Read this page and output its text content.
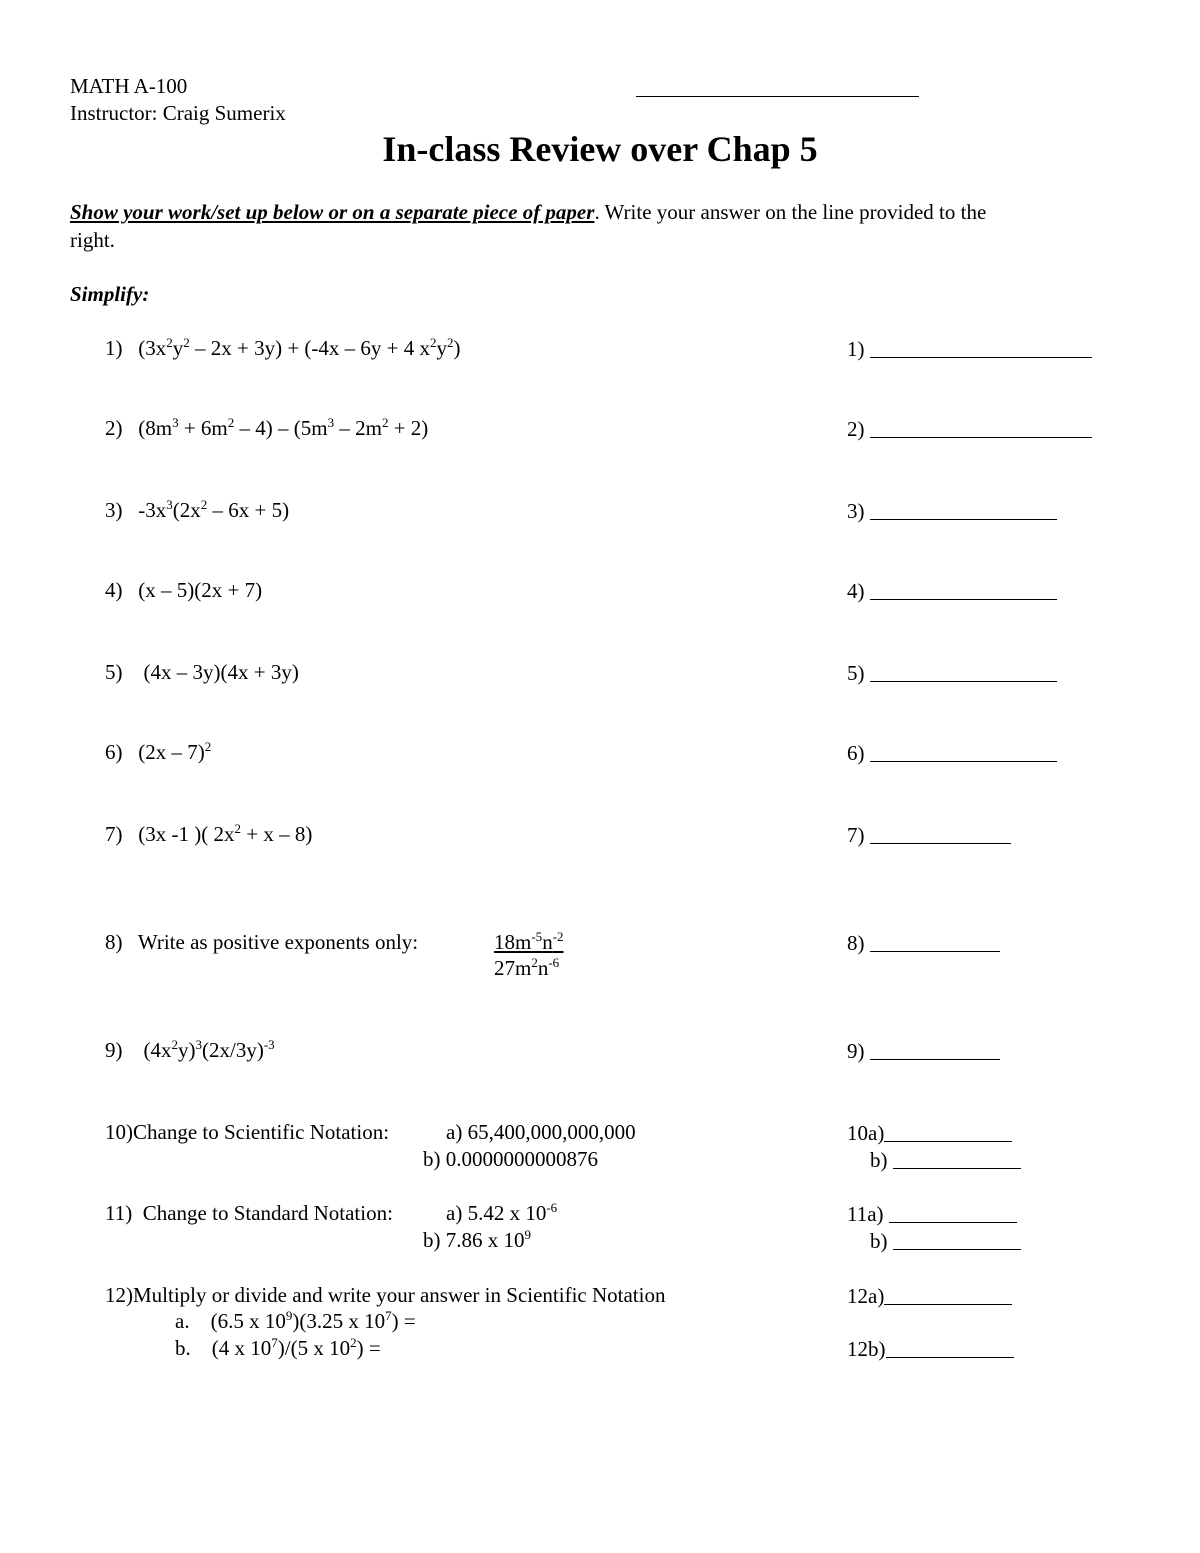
MATH A-100
Instructor: Craig Sumerix
In-class Review over Chap 5
Show your work/set up below or on a separate piece of paper. Write your answer on the line provided to the
right.
Simplify:
1) $(3x^2y^2 - 2x + 3y) + (-4x - 6y + 4$ $x^2y^2$)	1)
2) $(8m^3 + 6m^2 - 4) - (5m^3 - 2m^2 + 2)$	2)
3) $-3x^3(2x^2 - 6x + 5)$	3)
4) (x – 5)(2x + 7)	4)
5) (4x – 3y)(4x + 3y)	5)
6) (2x – 7)$^2$	6)
7) (3x -1 )( $2x^2 + x - 8$)	7)
8) Write as positive exponents only:	$18m^{-5}n^{-2}$
$27m^2n^{-6}$
8)
9) $(4x^2y)^3(2x/3y)^{-3}$	9)
10)Change to Scientific Notation:	a) 65,400,000,000,000
b) 0.0000000000876
10a)
b)
11) Change to Standard Notation:	a) 5.42 x $10^{-6}$
b) 7.86 x $10^9$
11a)
b)
12)Multiply or divide and write your answer in Scientific Notation
a. (6.5 x $10^9)(3.25$ x $10^7$) =
b. (4 x $10^7)/(5$ x $10^2$) =
12a)
12b)
